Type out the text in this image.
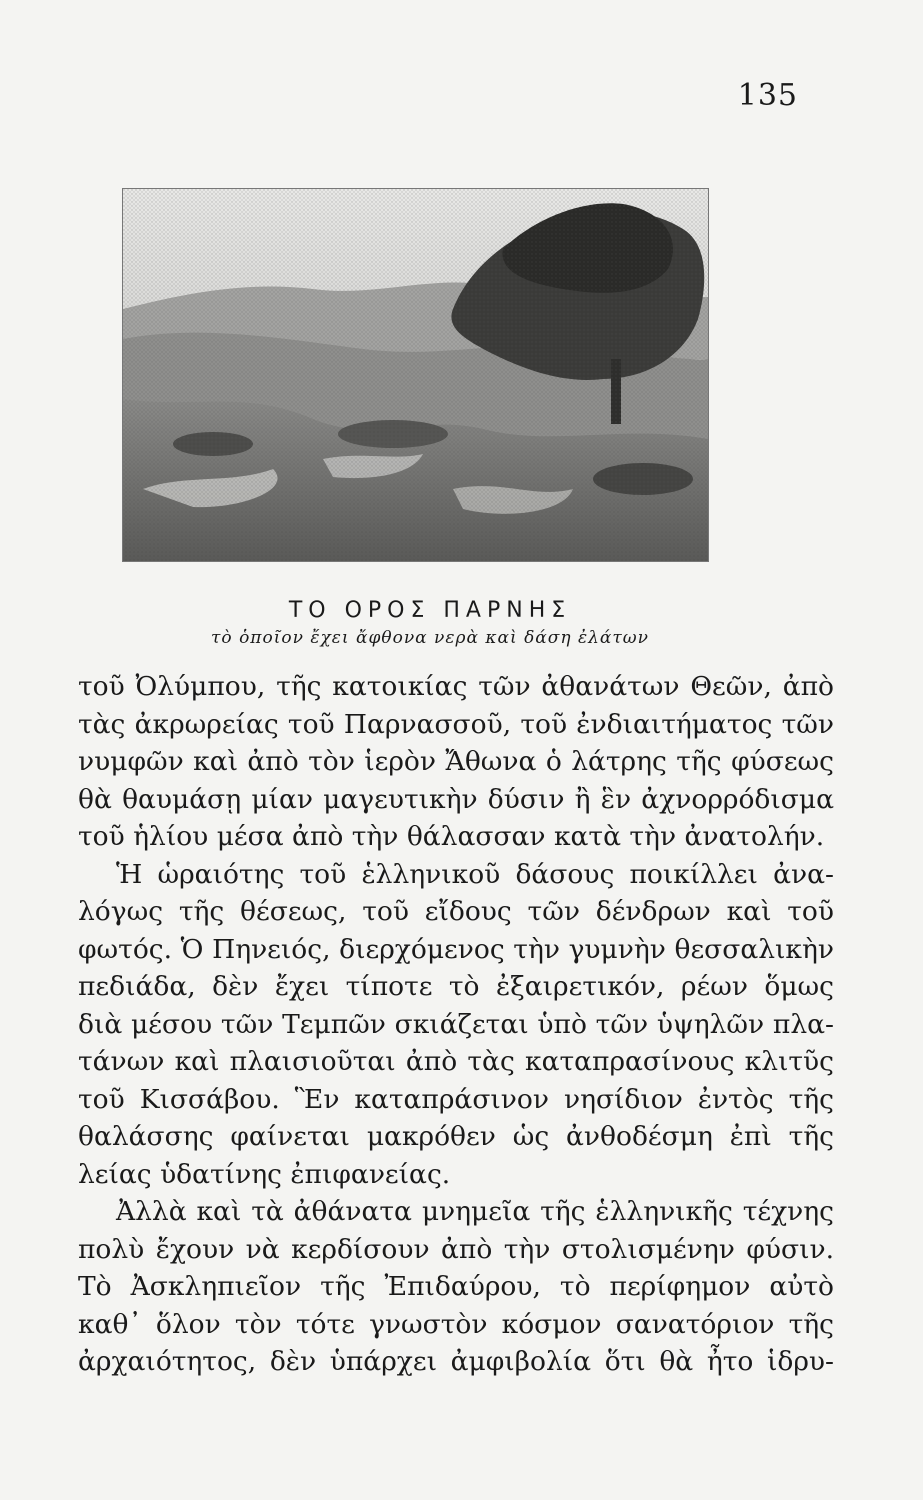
135
ΤΟ ΟΡΟΣ ΠΑΡΝΗΣ
τὸ ὁποῖον ἔχει ἄφθονα νερὰ καὶ δάση ἐλάτων
τοῦ Ὀλύμπου, τῆς κατοικίας τῶν ἀθανάτων Θεῶν, ἀπὸ
τὰς ἀκρωρείας τοῦ Παρνασσοῦ, τοῦ ἐνδιαιτήματος τῶν
νυμφῶν καὶ ἀπὸ τὸν ἱερὸν Ἄθωνα ὁ λάτρης τῆς φύσεως
θὰ θαυμάσῃ μίαν μαγευτικὴν δύσιν ἢ ἓν ἀχνορρόδισμα
τοῦ ἡλίου μέσα ἀπὸ τὴν θάλασσαν κατὰ τὴν ἀνατολήν.
Ἡ ὡραιότης τοῦ ἑλληνικοῦ δάσους ποικίλλει ἀνα-
λόγως τῆς θέσεως, τοῦ εἴδους τῶν δένδρων καὶ τοῦ
φωτός. Ὁ Πηνειός, διερχόμενος τὴν γυμνὴν θεσσαλικὴν
πεδιάδα, δὲν ἔχει τίποτε τὸ ἐξαιρετικόν, ρέων ὅμως
διὰ μέσου τῶν Τεμπῶν σκιάζεται ὑπὸ τῶν ὑψηλῶν πλα-
τάνων καὶ πλαισιοῦται ἀπὸ τὰς καταπρασίνους κλιτῦς
τοῦ Κισσάβου. Ἓν καταπράσινον νησίδιον ἐντὸς τῆς
θαλάσσης φαίνεται μακρόθεν ὡς ἀνθοδέσμη ἐπὶ τῆς
λείας ὑδατίνης ἐπιφανείας.
Ἀλλὰ καὶ τὰ ἀθάνατα μνημεῖα τῆς ἑλληνικῆς τέχνης
πολὺ ἔχουν νὰ κερδίσουν ἀπὸ τὴν στολισμένην φύσιν.
Τὸ Ἀσκληπιεῖον τῆς Ἐπιδαύρου, τὸ περίφημον αὐτὸ
καθ᾽ ὅλον τὸν τότε γνωστὸν κόσμον σανατόριον τῆς
ἀρχαιότητος, δὲν ὑπάρχει ἀμφιβολία ὅτι θὰ ἦτο ἱδρυ-
